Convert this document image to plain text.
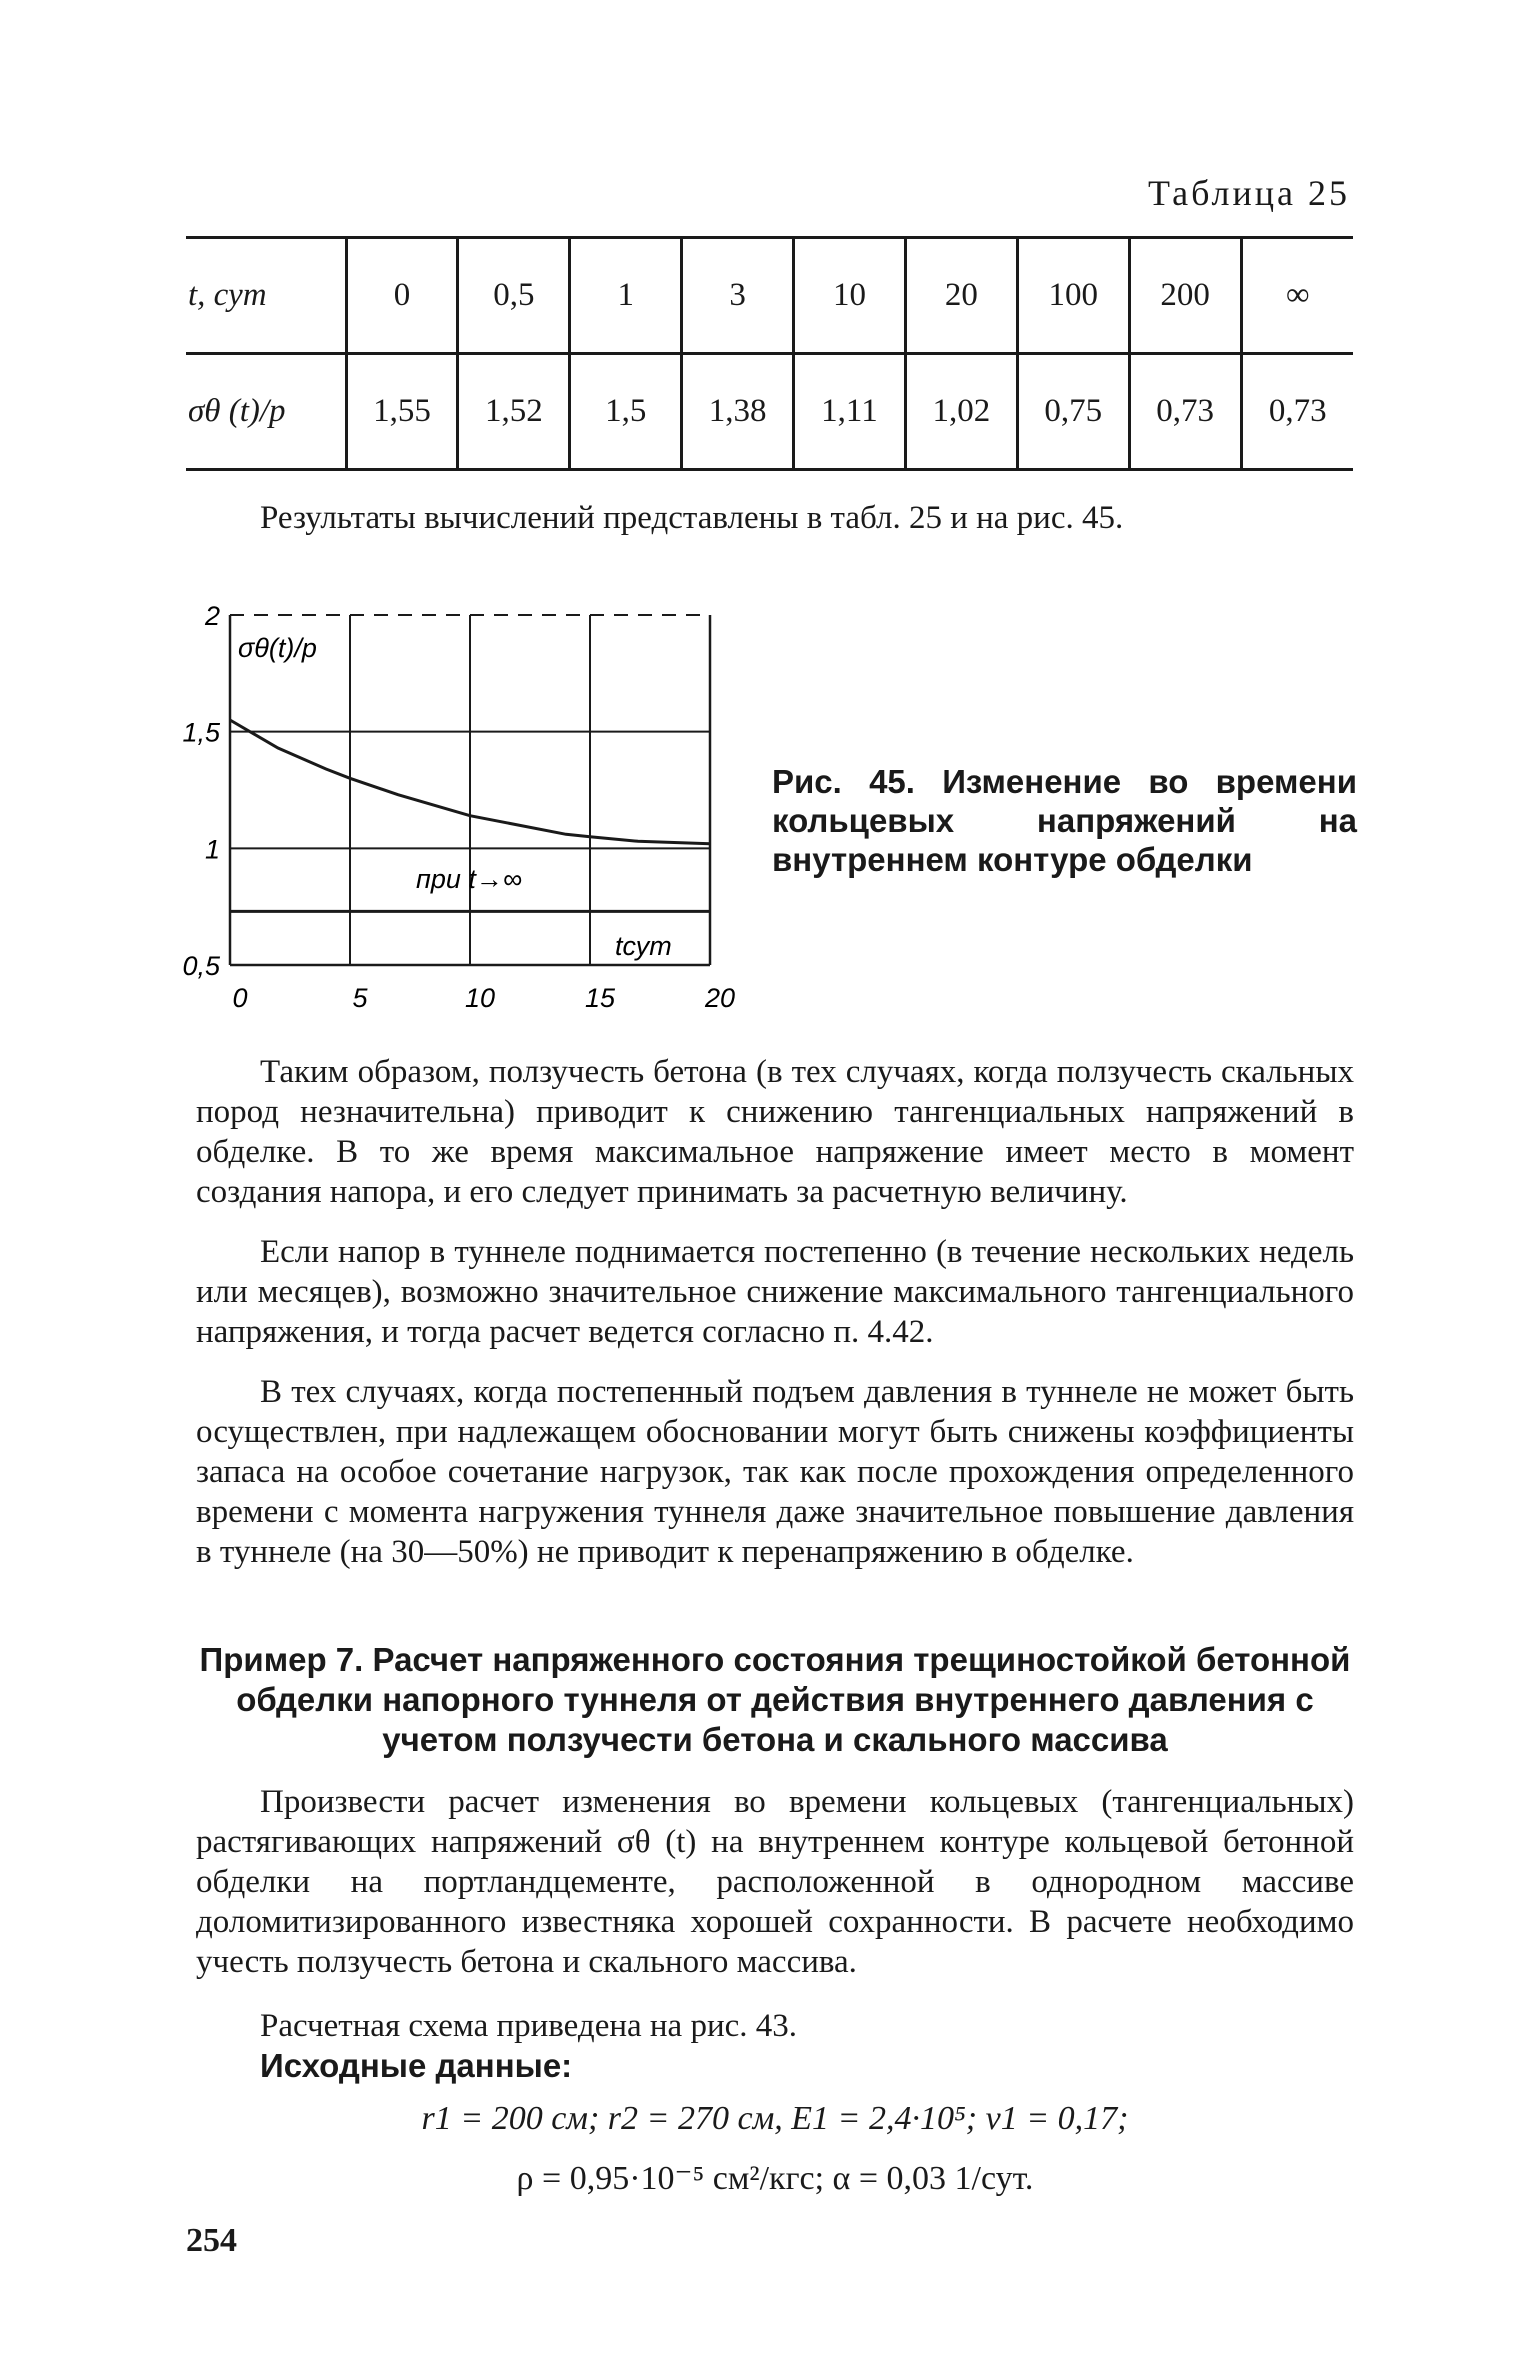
Таблица 25
t, сут	0	0,5	1	3	10	20	100	200	∞
σθ (t)/p	1,55	1,52	1,5	1,38	1,11	1,02	0,75	0,73	0,73

Результаты вычислений представлены в табл. 25 и на рис. 45.

2
1,5
1
0,5
0	5	10	15	20
σθ(t)/p
tсут
при t→∞

Рис. 45. Изменение во времени кольцевых напряжений на внутреннем контуре обделки

Таким образом, ползучесть бетона (в тех случаях, когда ползучесть скальных пород незначительна) приводит к снижению тангенциальных напряжений в обделке. В то же время максимальное напряжение имеет место в момент создания напора, и его следует принимать за расчетную величину.

Если напор в туннеле поднимается постепенно (в течение нескольких недель или месяцев), возможно значительное снижение максимального тангенциального напряжения, и тогда расчет ведется согласно п. 4.42.

В тех случаях, когда постепенный подъем давления в туннеле не может быть осуществлен, при надлежащем обосновании могут быть снижены коэффициенты запаса на особое сочетание нагрузок, так как после прохождения определенного времени с момента нагружения туннеля даже значительное повышение давления в туннеле (на 30—50%) не приводит к перенапряжению в обделке.

Пример 7. Расчет напряженного состояния трещиностойкой бетонной обделки напорного туннеля от действия внутреннего давления с учетом ползучести бетона и скального массива

Произвести расчет изменения во времени кольцевых (тангенциальных) растягивающих напряжений σθ (t) на внутреннем контуре кольцевой бетонной обделки на портландцементе, расположенной в однородном массиве доломитизированного известняка хорошей сохранности. В расчете необходимо учесть ползучесть бетона и скального массива.

Расчетная схема приведена на рис. 43.

Исходные данные:

r1 = 200 см; r2 = 270 см, E1 = 2,4·10⁵; ν1 = 0,17;

ρ = 0,95·10⁻⁵ см²/кгс; α = 0,03 1/сут.

254
